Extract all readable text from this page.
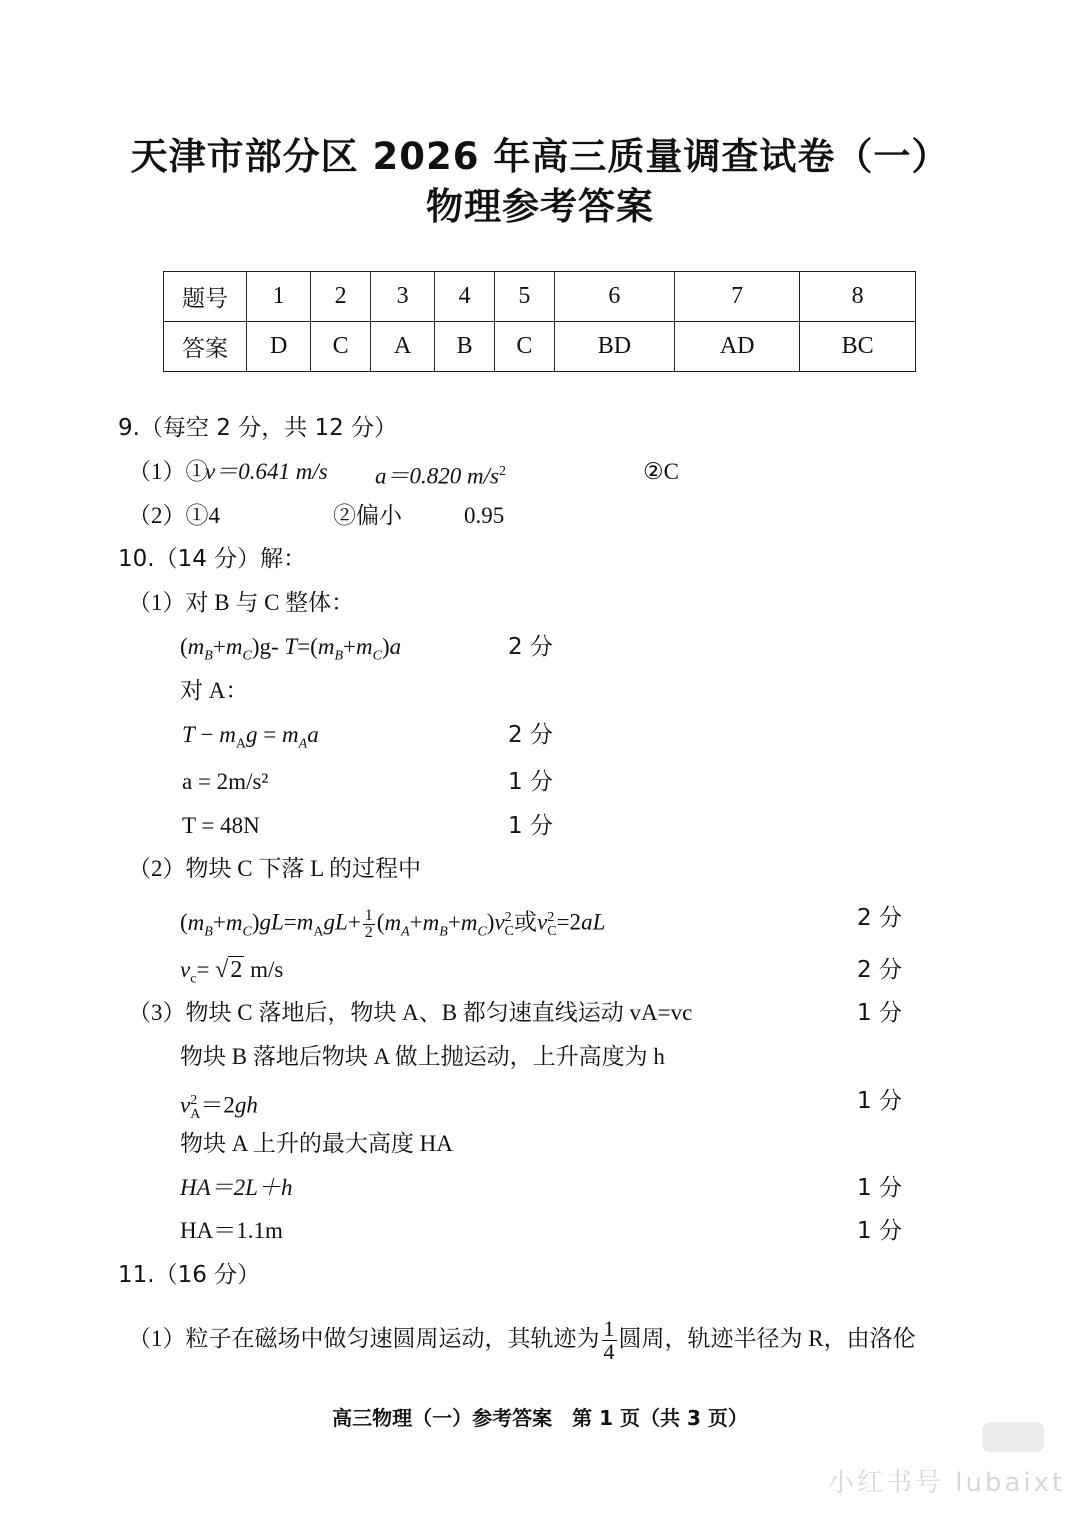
天津市部分区 2026 年高三质量调查试卷（一）
物理参考答案
题号	1	2	3	4	5	6	7	8
答案	D	C	A	B	C	BD	AD	BC
9.（每空 2 分，共 12 分）
（1）①
v＝0.641 m/s a＝0.820 $m/s^2$	②C
（2）①4	②偏小	0.95
10.（14 分）解：
（1）对 B 与 C 整体：
$(m_B+m_C)g-$ $T=(m_B+m_C)a$	2 分
对 A：
$T - m_Ag = m_Aa$	2 分
a = 2m/s²	1 分
T = 48N	1 分
（2）物块 C 下落 L 的过程中
$(m_B+m_C)gL=m_AgL+ \frac{1}{2} (m_A+m_B+m_C)v^2_C$或$v^2_C=2aL$	2 分
$v_c= √2$ m/s	2 分
（3）物块 C 落地后，物块 A、B 都匀速直线运动 vA=vc	1 分
物块 B 落地后物块 A 做上抛运动，上升高度为 h
$v^2_A=2gh$	1 分
物块 A 上升的最大高度 HA
HA＝2L＋h	1 分
HA＝1.1m	1 分
11.（16 分）
（1）粒子在磁场中做匀速圆周运动，其轨迹为 $\frac{1}{4}$ 圆周，轨迹半径为 R，由洛伦
高三物理（一）参考答案　第 1 页（共 3 页）
小红书号 lubaixt
